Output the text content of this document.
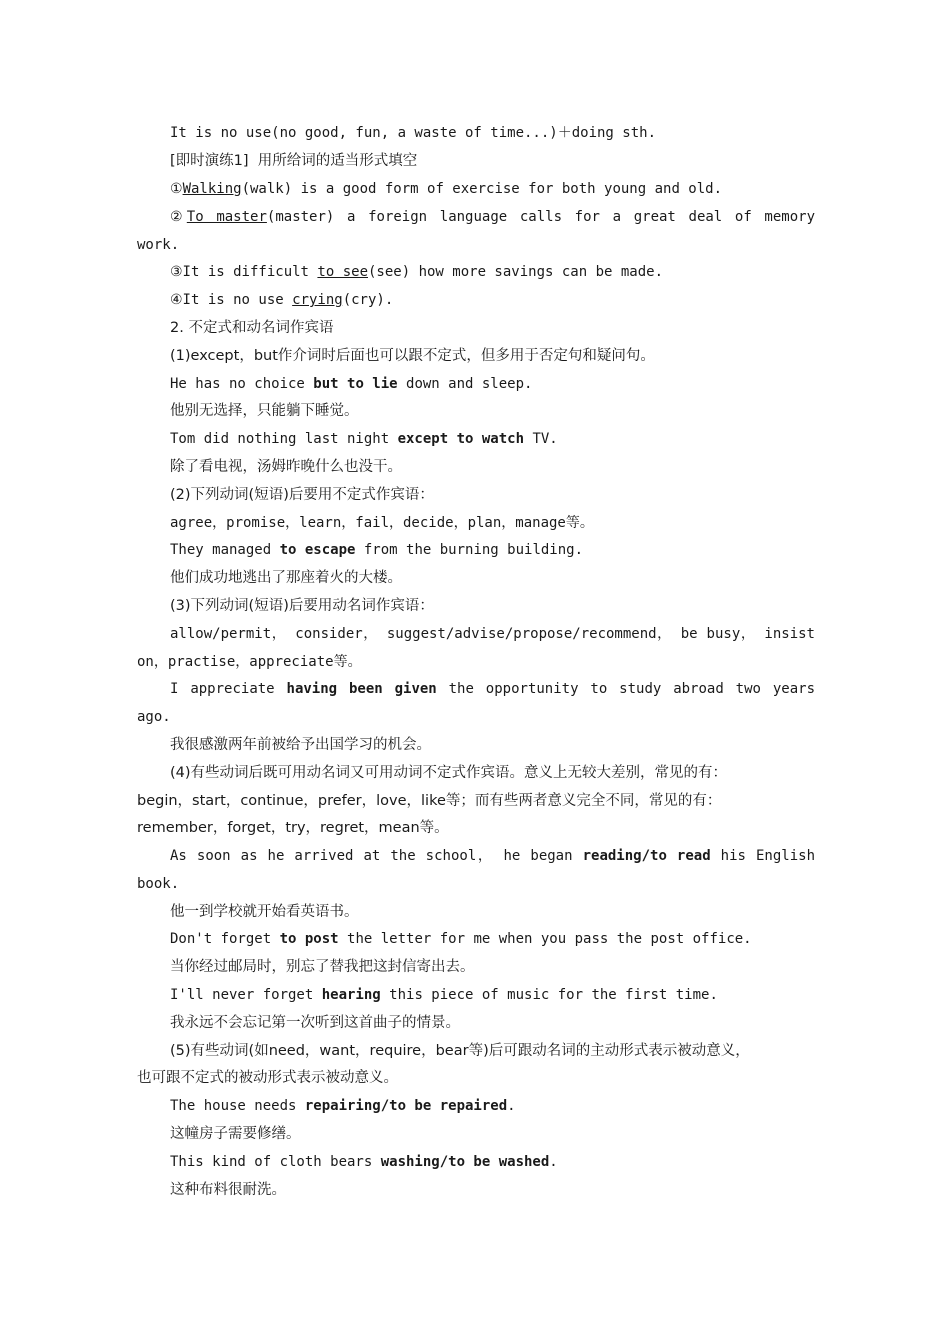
It is no use(no good, fun, a waste of time...)＋doing sth.
[即时演练1]  用所给词的适当形式填空
①Walking(walk) is a good form of exercise for both young and old.
②To master(master) a foreign language calls for a great deal of memory
work.
③It is difficult to see(see) how more savings can be made.
④It is no use crying(cry).
2. 不定式和动名词作宾语
(1)except，but作介词时后面也可以跟不定式，但多用于否定句和疑问句。
He has no choice but to lie down and sleep.
他别无选择，只能躺下睡觉。
Tom did nothing last night except to watch TV.
除了看电视，汤姆昨晚什么也没干。
(2)下列动词(短语)后要用不定式作宾语：
agree，promise，learn，fail，decide，plan，manage等。
They managed to escape from the burning building.
他们成功地逃出了那座着火的大楼。
(3)下列动词(短语)后要用动名词作宾语：
allow/permit， consider， suggest/advise/propose/recommend， be busy， insist
on，practise，appreciate等。
I appreciate having been given the opportunity to study abroad two years
ago.
我很感激两年前被给予出国学习的机会。
(4)有些动词后既可用动名词又可用动词不定式作宾语。意义上无较大差别，常见的有：
begin，start，continue，prefer，love，like等；而有些两者意义完全不同，常见的有：
remember，forget，try，regret，mean等。
As soon as he arrived at the school， he began reading/to read his English
book.
他一到学校就开始看英语书。
Don't forget to post the letter for me when you pass the post office.
当你经过邮局时，别忘了替我把这封信寄出去。
I'll never forget hearing this piece of music for the first time.
我永远不会忘记第一次听到这首曲子的情景。
(5)有些动词(如need，want，require，bear等)后可跟动名词的主动形式表示被动意义，
也可跟不定式的被动形式表示被动意义。
The house needs repairing/to be repaired.
这幢房子需要修缮。
This kind of cloth bears washing/to be washed.
这种布料很耐洗。
